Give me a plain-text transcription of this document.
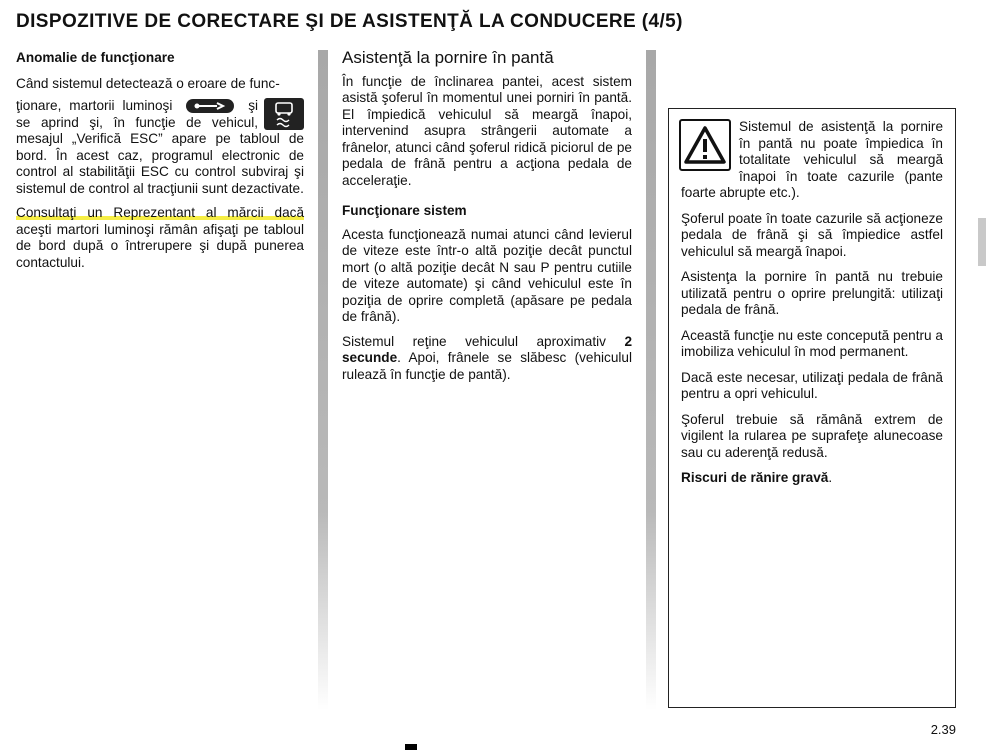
DISPOZITIVE DE CORECTARE ŞI DE ASISTENŢĂ LA CONDUCERE (4/5)

Anomalie de funcţionare

Când sistemul detectează o eroare de func-

ţionare, martorii luminoşi	şi se aprind şi, în funcţie de vehicul, mesajul „Verifică ESC” apare pe tabloul de bord. În acest caz, programul electronic de control al stabilităţii ESC cu control subviraj şi sistemul de control al tracţiunii sunt dezactivate.

Consultaţi un Reprezentant al mărcii dacă aceşti martori luminoşi rămân afişaţi pe tabloul de bord după o întrerupere şi după punerea contactului.

Asistenţă la pornire în pantă

În funcţie de înclinarea pantei, acest sistem asistă şoferul în momentul unei porniri în pantă. El împiedică vehiculul să meargă înapoi, intervenind asupra strângerii automate a frânelor, atunci când şoferul ridică piciorul de pe pedala de frână pentru a acţiona pedala de acceleraţie.

Funcţionare sistem

Acesta funcţionează numai atunci când levierul de viteze este într-o altă poziţie decât punctul mort (o altă poziţie decât N sau P pentru cutiile de viteze automate) şi când vehiculul este în poziţia de oprire completă (apăsare pe pedala de frână).

Sistemul reţine vehiculul aproximativ 2 secunde. Apoi, frânele se slăbesc (vehiculul rulează în funcţie de pantă).

Sistemul de asistenţă la pornire în pantă nu poate împiedica în totalitate vehiculul să meargă înapoi în toate cazurile (pante foarte abrupte etc.).

Şoferul poate în toate cazurile să acţioneze pedala de frână şi să împiedice astfel vehiculul să meargă înapoi.

Asistenţa la pornire în pantă nu trebuie utilizată pentru o oprire prelungită: utilizaţi pedala de frână.

Această funcţie nu este concepută pentru a imobiliza vehiculul în mod permanent.

Dacă este necesar, utilizaţi pedala de frână pentru a opri vehiculul.

Şoferul trebuie să rămână extrem de vigilent la rularea pe suprafeţe alunecoase sau cu aderenţă redusă.

Riscuri de rănire gravă.

2.39
